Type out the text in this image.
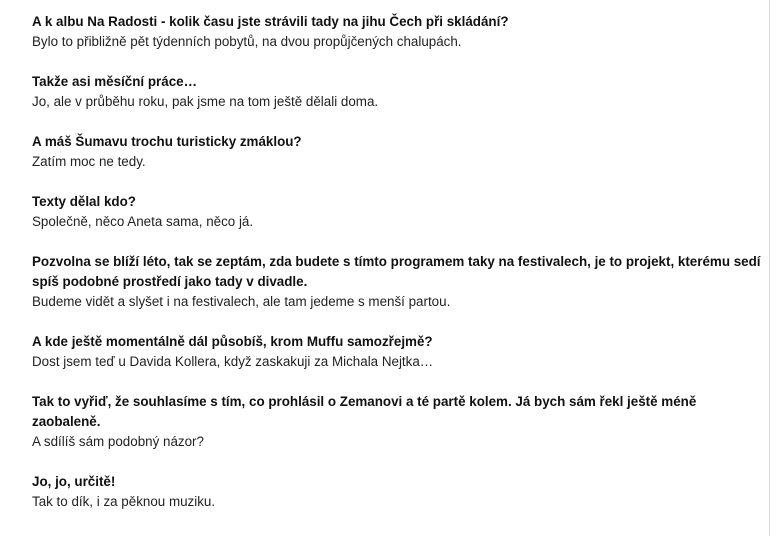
A k albu Na Radosti - kolik času jste strávili tady na jihu Čech při skládání?

Bylo to přibližně pět týdenních pobytů, na dvou propůjčených chalupách.

Takže asi měsíční práce…

Jo, ale v průběhu roku, pak jsme na tom ještě dělali doma.

A máš Šumavu trochu turisticky zmáklou?

Zatím moc ne tedy.

Texty dělal kdo?

Společně, něco Aneta sama, něco já.

Pozvolna se blíží léto, tak se zeptám, zda budete s tímto programem taky na festivalech, je to projekt, kterému sedí spíš podobné prostředí jako tady v divadle.

Budeme vidět a slyšet i na festivalech, ale tam jedeme s menší partou.

A kde ještě momentálně dál působíš, krom Muffu samozřejmě?

Dost jsem teď u Davida Kollera, když zaskakuji za Michala Nejtka…

Tak to vyřiď, že souhlasíme s tím, co prohlásil o Zemanovi a té partě kolem. Já bych sám řekl ještě méně zaobaleně.

A sdílíš sám podobný názor?

Jo, jo, určitě!

Tak to dík, i za pěknou muziku.
